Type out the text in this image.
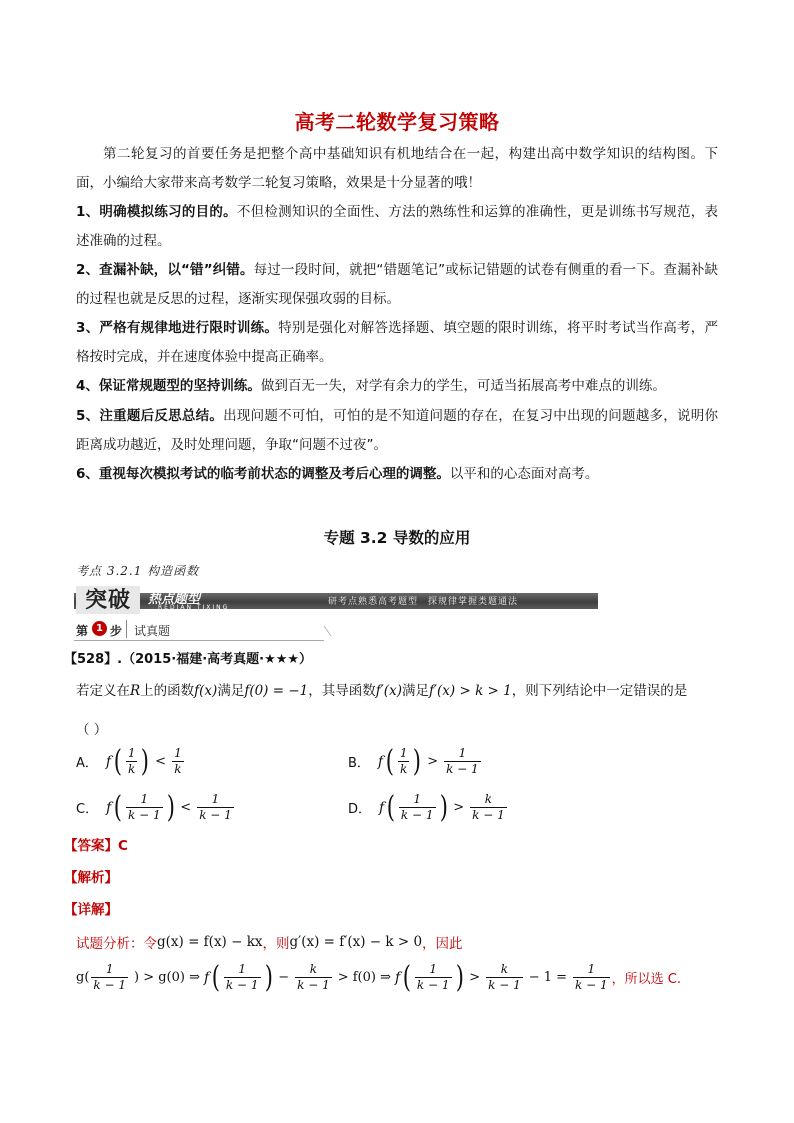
高考二轮数学复习策略
第二轮复习的首要任务是把整个高中基础知识有机地结合在一起，构建出高中数学知识的结构图。下面，小编给大家带来高考数学二轮复习策略，效果是十分显著的哦！
1、明确模拟练习的目的。不但检测知识的全面性、方法的熟练性和运算的准确性，更是训练书写规范，表述准确的过程。
2、查漏补缺，以“错”纠错。每过一段时间，就把“错题笔记”或标记错题的试卷有侧重的看一下。查漏补缺的过程也就是反思的过程，逐渐实现保强攻弱的目标。
3、严格有规律地进行限时训练。特别是强化对解答选择题、填空题的限时训练，将平时考试当作高考，严格按时完成，并在速度体验中提高正确率。
4、保证常规题型的坚持训练。做到百无一失，对学有余力的学生，可适当拓展高考中难点的训练。
5、注重题后反思总结。出现问题不可怕，可怕的是不知道问题的存在，在复习中出现的问题越多，说明你距离成功越近，及时处理问题，争取“问题不过夜”。
6、重视每次模拟考试的临考前状态的调整及考后心理的调整。以平和的心态面对高考。
专题 3.2 导数的应用
考点 3.2.1 构造函数
突破	热点题型
REDIAN TIXING
研考点熟悉高考题型　探规律掌握类题通法
第 1 步 试真题
【528】.（2015·福建·高考真题·★★★）
若定义在R上的函数f(x)满足f(0) = −1，其导函数f′(x)满足f′(x) > k > 1，则下列结论中一定错误的是
（ ）
A． f ( $\frac{1}{k}$ ) < $\frac{1}{k}$	B． f ( $\frac{1}{k}$ ) > $\frac{1}{k - 1}$
C． f ( $\frac{1}{k - 1}$ ) < $\frac{1}{k - 1}$	D． f ( $\frac{1}{k - 1}$ ) > $\frac{k}{k - 1}$
【答案】C
【解析】
【详解】
试题分析：令 g(x) = f(x) − kx ，则 g′(x) = f′(x) − k > 0 ，因此
$g( \frac{1}{k - 1}$ ) > g(0) ⇒ f ( $\frac{1}{k - 1}$ ) − $\frac{k}{k - 1} > f(0)$ ⇒ f ( $\frac{1}{k - 1}$ ) > $\frac{k}{k - 1} - 1 = \frac{1}{k - 1}$ ，所以选 C.
